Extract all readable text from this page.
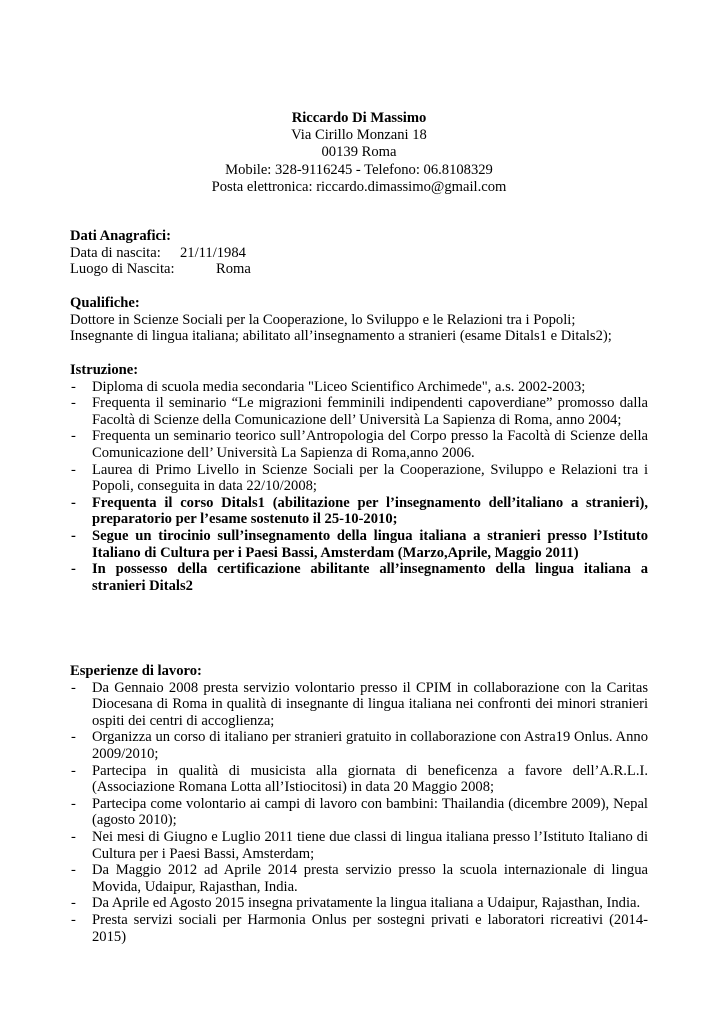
Riccardo Di Massimo
Via Cirillo Monzani 18
00139 Roma
Mobile: 328-9116245 - Telefono: 06.8108329
Posta elettronica: riccardo.dimassimo@gmail.com
Dati Anagrafici:
Data di nascita:	21/11/1984
Luogo di Nascita:	Roma
Qualifiche:
Dottore in Scienze Sociali per la Cooperazione, lo Sviluppo e le Relazioni tra i Popoli;
Insegnante di lingua italiana; abilitato all’insegnamento a stranieri (esame Ditals1 e Ditals2);
Istruzione:
- Diploma di scuola media secondaria "Liceo Scientifico Archimede", a.s. 2002-2003;
- Frequenta il seminario “Le migrazioni femminili indipendenti capoverdiane” promosso dalla Facoltà di Scienze della Comunicazione dell’ Università La Sapienza di Roma, anno 2004;
- Frequenta un seminario teorico sull’Antropologia del Corpo presso la Facoltà di Scienze della Comunicazione dell’ Università La Sapienza di Roma,anno 2006.
- Laurea di Primo Livello in Scienze Sociali per la Cooperazione, Sviluppo e Relazioni tra i Popoli, conseguita in data 22/10/2008;
- Frequenta il corso Ditals1 (abilitazione per l’insegnamento dell’italiano a stranieri), preparatorio per l’esame sostenuto il 25-10-2010;
- Segue un tirocinio sull’insegnamento della lingua italiana a stranieri presso l’Istituto Italiano di Cultura per i Paesi Bassi, Amsterdam (Marzo,Aprile, Maggio 2011)
- In possesso della certificazione abilitante all’insegnamento della lingua italiana a stranieri Ditals2
Esperienze di lavoro:
- Da Gennaio 2008 presta servizio volontario presso il CPIM in collaborazione con la Caritas Diocesana di Roma in qualità di insegnante di lingua italiana nei confronti dei minori stranieri ospiti dei centri di accoglienza;
- Organizza un corso di italiano per stranieri gratuito in collaborazione con Astra19 Onlus. Anno 2009/2010;
- Partecipa in qualità di musicista alla giornata di beneficenza a favore dell’A.R.L.I. (Associazione Romana Lotta all’Istiocitosi) in data 20 Maggio 2008;
- Partecipa come volontario ai campi di lavoro con bambini: Thailandia (dicembre 2009), Nepal (agosto 2010);
- Nei mesi di Giugno e Luglio 2011 tiene due classi di lingua italiana presso l’Istituto Italiano di Cultura per i Paesi Bassi, Amsterdam;
- Da Maggio 2012 ad Aprile 2014 presta servizio presso la scuola internazionale di lingua Movida, Udaipur, Rajasthan, India.
- Da Aprile ed Agosto 2015 insegna privatamente la lingua italiana a Udaipur, Rajasthan, India.
- Presta servizi sociali per Harmonia Onlus per sostegni privati e laboratori ricreativi (2014-2015)
